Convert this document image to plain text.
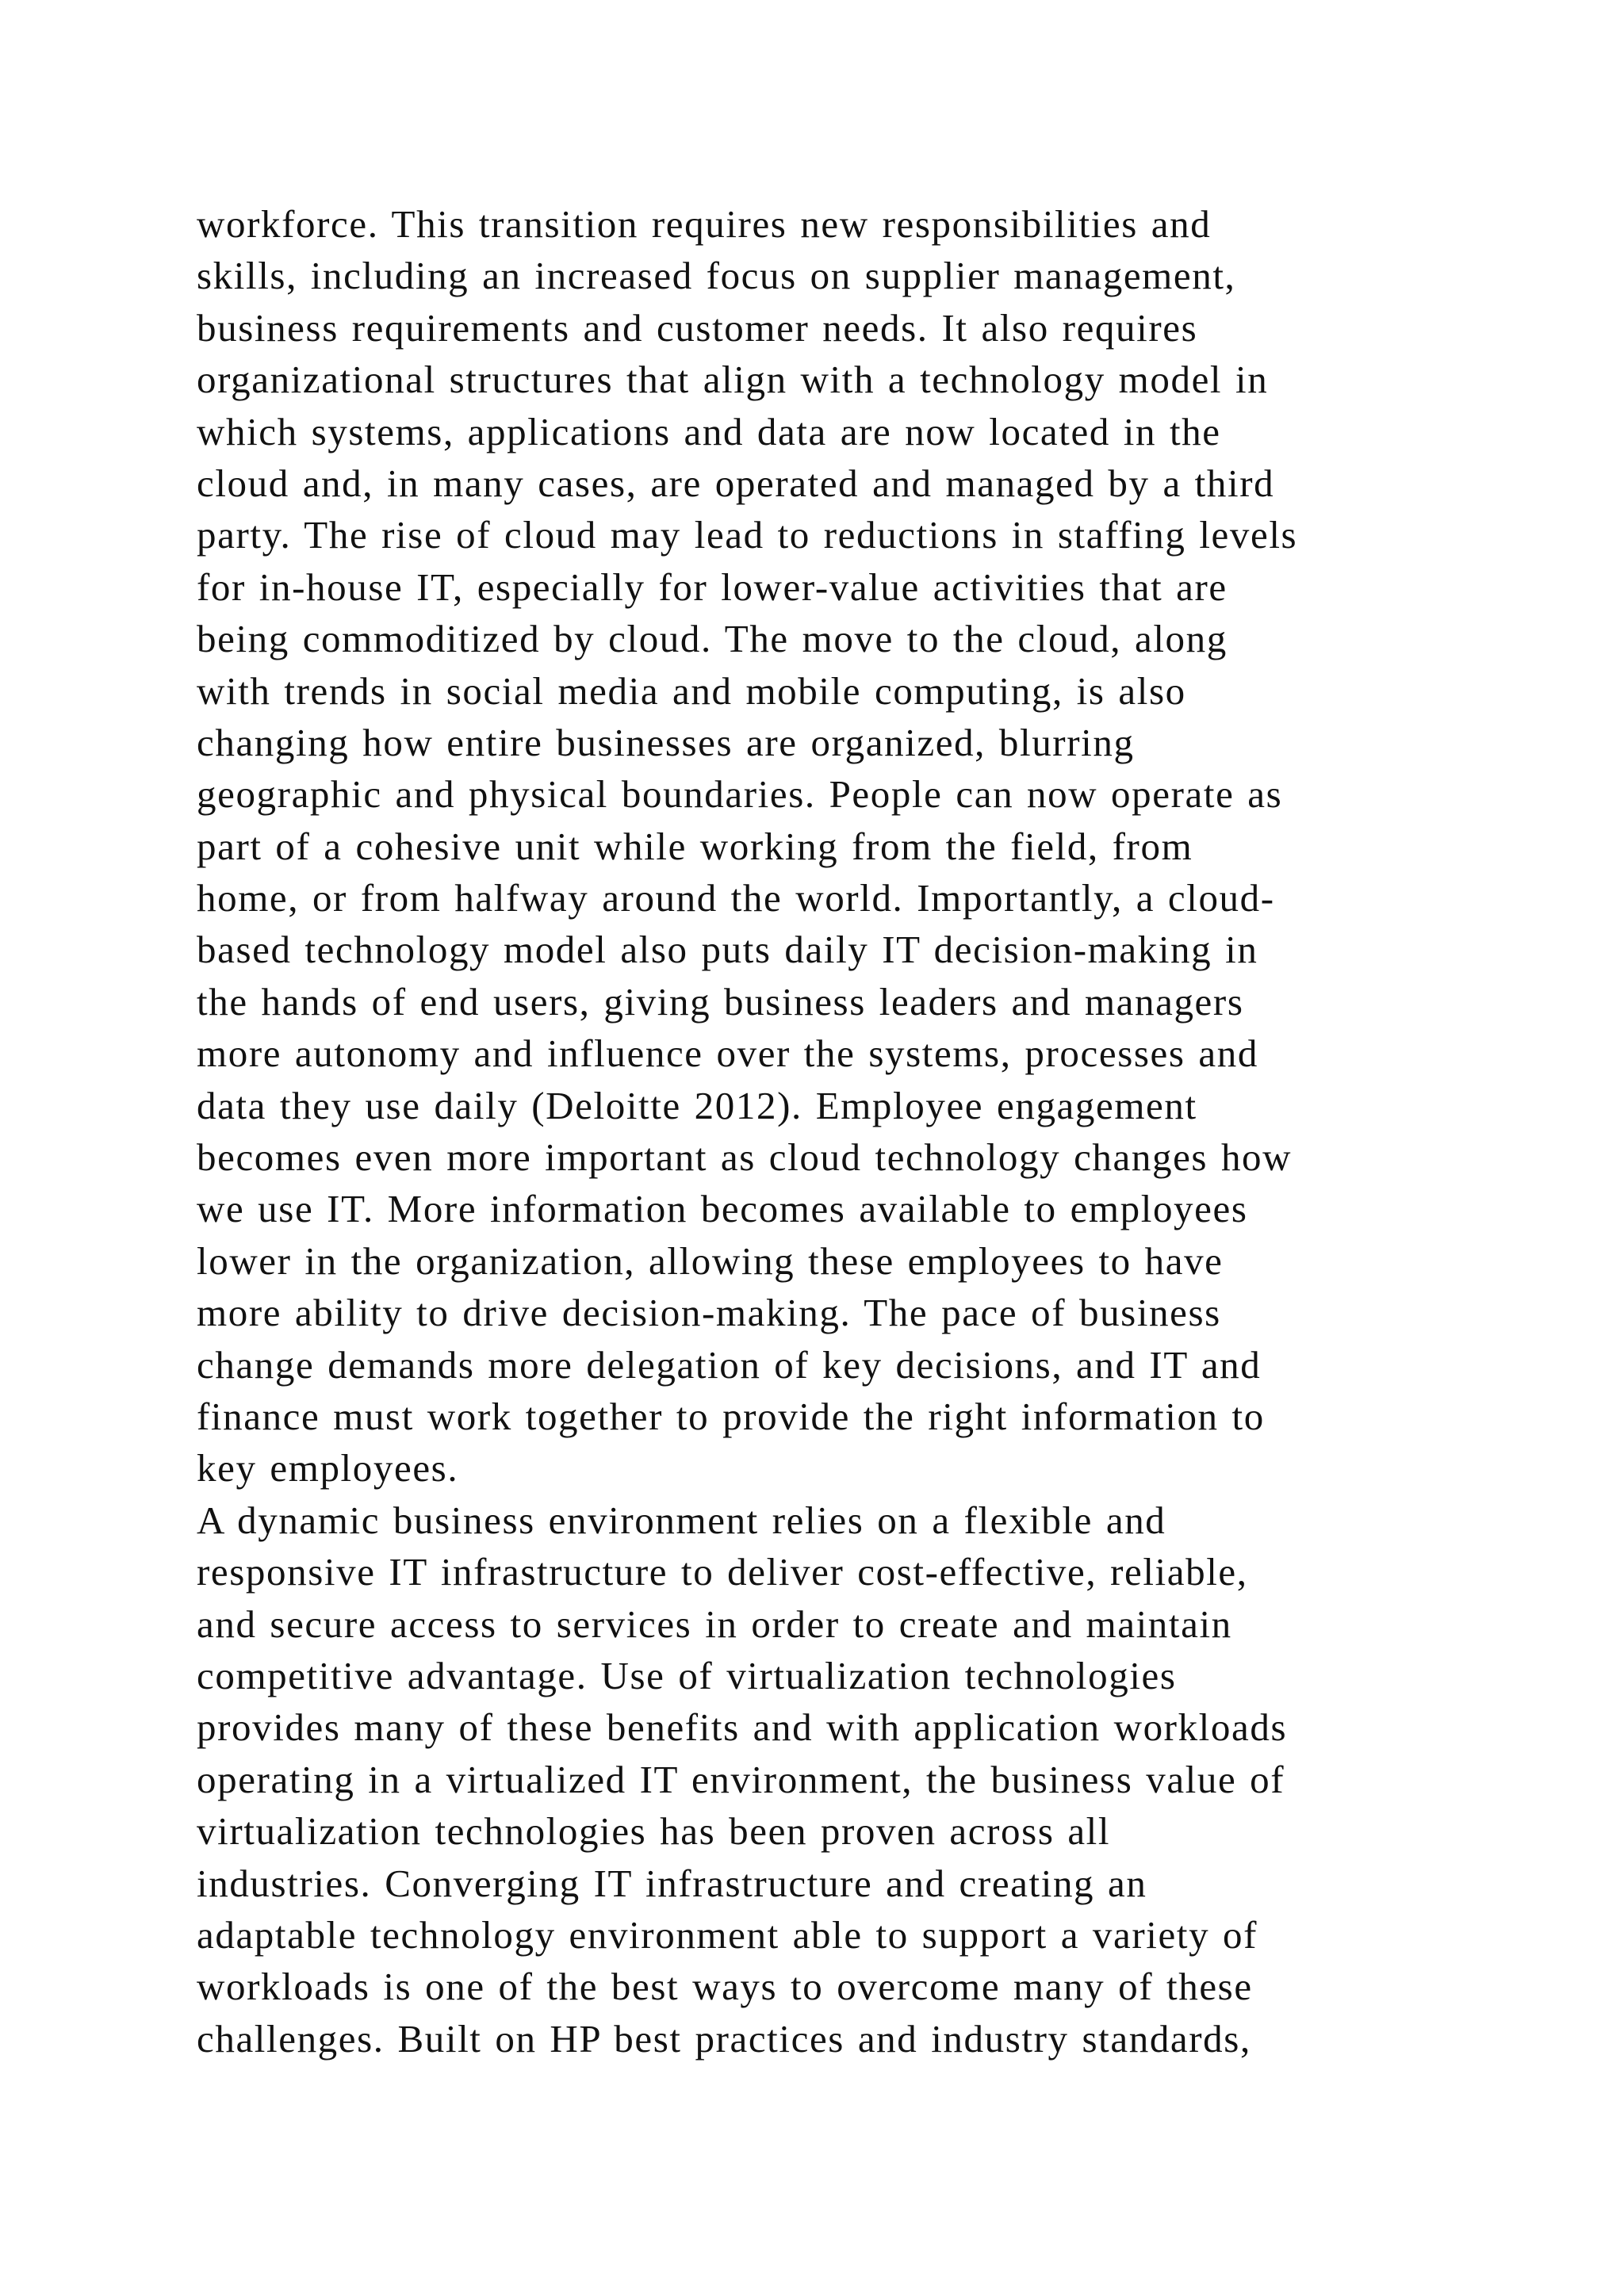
workforce. This transition requires new responsibilities and
skills, including an increased focus on supplier management,
business requirements and customer needs. It also requires
organizational structures that align with a technology model in
which systems, applications and data are now located in the
cloud and, in many cases, are operated and managed by a third
party. The rise of cloud may lead to reductions in staffing levels
for in-house IT, especially for lower-value activities that are
being commoditized by cloud. The move to the cloud, along
with trends in social media and mobile computing, is also
changing how entire businesses are organized, blurring
geographic and physical boundaries. People can now operate as
part of a cohesive unit while working from the field, from
home, or from halfway around the world. Importantly, a cloud-
based technology model also puts daily IT decision-making in
the hands of end users, giving business leaders and managers
more autonomy and influence over the systems, processes and
data they use daily (Deloitte 2012). Employee engagement
becomes even more important as cloud technology changes how
we use IT. More information becomes available to employees
lower in the organization, allowing these employees to have
more ability to drive decision-making. The pace of business
change demands more delegation of key decisions, and IT and
finance must work together to provide the right information to
key employees.
A dynamic business environment relies on a flexible and
responsive IT infrastructure to deliver cost-effective, reliable,
and secure access to services in order to create and maintain
competitive advantage. Use of virtualization technologies
provides many of these benefits and with application workloads
operating in a virtualized IT environment, the business value of
virtualization technologies has been proven across all
industries. Converging IT infrastructure and creating an
adaptable technology environment able to support a variety of
workloads is one of the best ways to overcome many of these
challenges. Built on HP best practices and industry standards,
